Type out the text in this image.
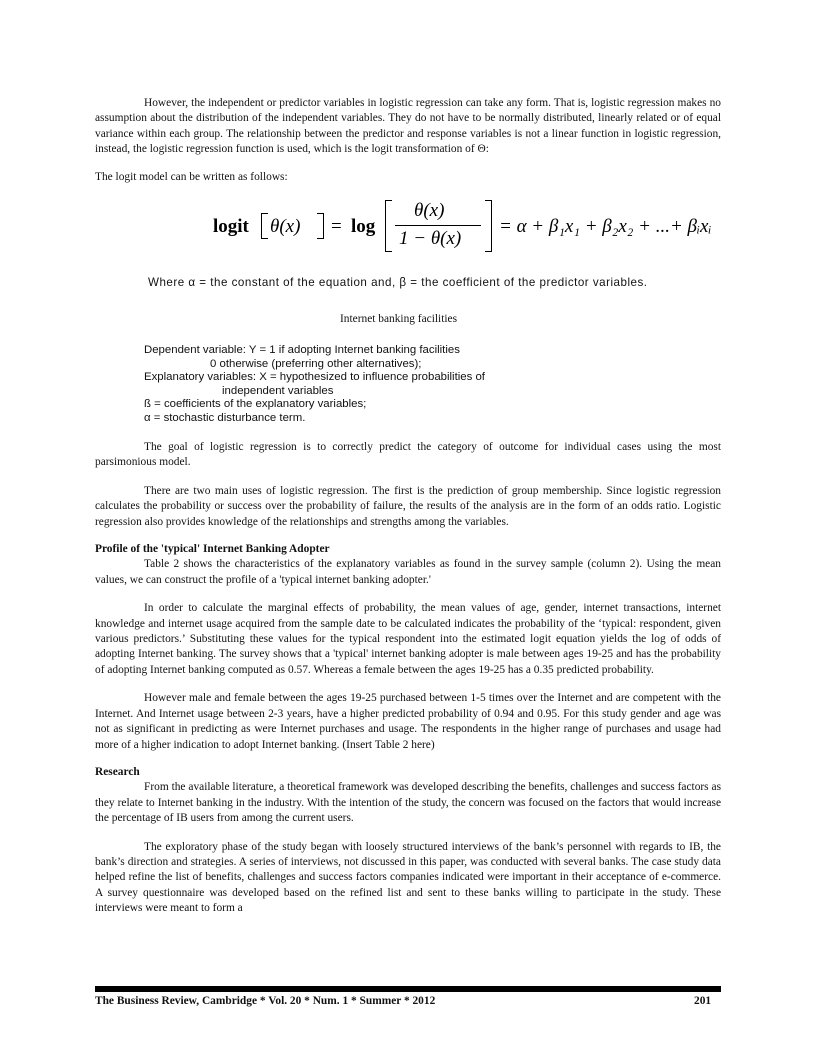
However, the independent or predictor variables in logistic regression can take any form. That is, logistic regression makes no assumption about the distribution of the independent variables. They do not have to be normally distributed, linearly related or of equal variance within each group. The relationship between the predictor and response variables is not a linear function in logistic regression, instead, the logistic regression function is used, which is the logit transformation of Θ:

The logit model can be written as follows:

logit θ(x) = log
θ(x)
1 − θ(x)
= α + β₁x₁ + β₂x₂ + ...+ βᵢxᵢ
Where α = the constant of the equation and, β = the coefficient of the predictor variables.
Internet banking facilities
Dependent variable: Y = 1 if adopting Internet banking facilities
0 otherwise (preferring other alternatives);
Explanatory variables: X = hypothesized to influence probabilities of
independent variables
ß = coefficients of the explanatory variables;
α = stochastic disturbance term.

The goal of logistic regression is to correctly predict the category of outcome for individual cases using the most parsimonious model.

There are two main uses of logistic regression. The first is the prediction of group membership. Since logistic regression calculates the probability or success over the probability of failure, the results of the analysis are in the form of an odds ratio. Logistic regression also provides knowledge of the relationships and strengths among the variables.

Profile of the 'typical' Internet Banking Adopter

Table 2 shows the characteristics of the explanatory variables as found in the survey sample (column 2). Using the mean values, we can construct the profile of a 'typical internet banking adopter.'

In order to calculate the marginal effects of probability, the mean values of age, gender, internet transactions, internet knowledge and internet usage acquired from the sample date to be calculated indicates the probability of the ‘typical: respondent, given various predictors.’ Substituting these values for the typical respondent into the estimated logit equation yields the log of odds of adopting Internet banking. The survey shows that a 'typical' internet banking adopter is male between ages 19-25 and has the probability of adopting Internet banking computed as 0.57. Whereas a female between the ages 19-25 has a 0.35 predicted probability.

However male and female between the ages 19-25 purchased between 1-5 times over the Internet and are competent with the Internet. And Internet usage between 2-3 years, have a higher predicted probability of 0.94 and 0.95. For this study gender and age was not as significant in predicting as were Internet purchases and usage. The respondents in the higher range of purchases and usage had more of a higher indication to adopt Internet banking. (Insert Table 2 here)

Research

From the available literature, a theoretical framework was developed describing the benefits, challenges and success factors as they relate to Internet banking in the industry. With the intention of the study, the concern was focused on the factors that would increase the percentage of IB users from among the current users.

The exploratory phase of the study began with loosely structured interviews of the bank’s personnel with regards to IB, the bank’s direction and strategies. A series of interviews, not discussed in this paper, was conducted with several banks. The case study data helped refine the list of benefits, challenges and success factors companies indicated were important in their acceptance of e-commerce. A survey questionnaire was developed based on the refined list and sent to these banks willing to participate in the study. These interviews were meant to form a

The Business Review, Cambridge * Vol. 20 * Num. 1 * Summer * 2012	201
